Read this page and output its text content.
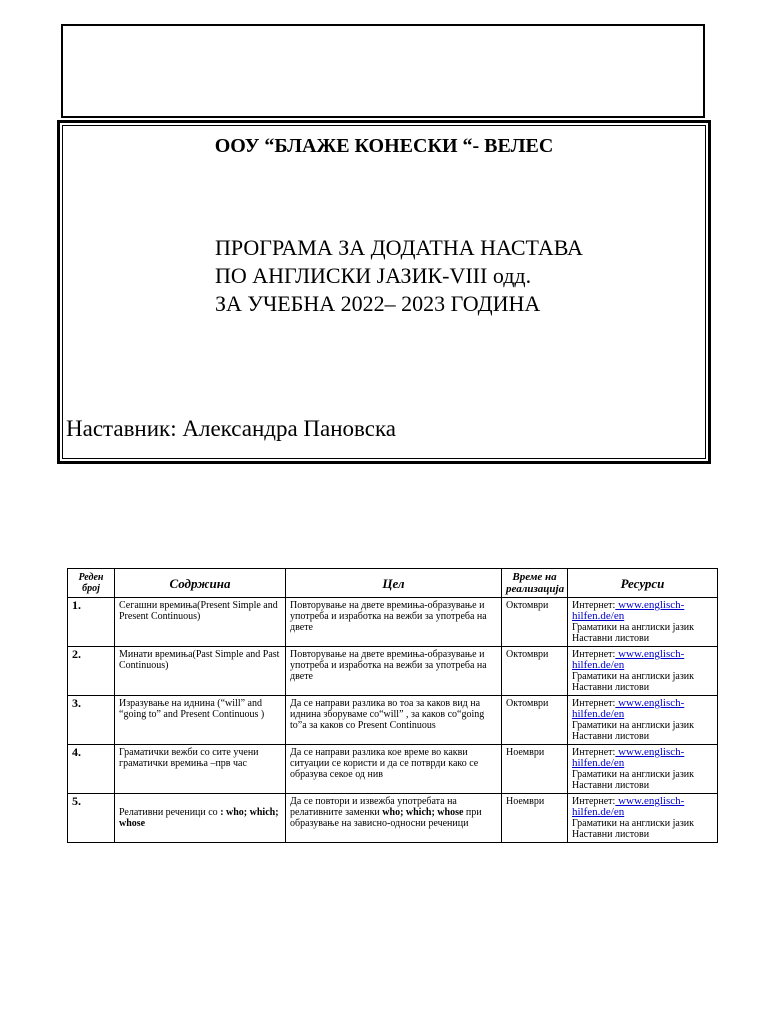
ООУ “БЛАЖЕ КОНЕСКИ “- ВЕЛЕС
ПРОГРАМА ЗА ДОДАТНА НАСТАВА
ПО АНГЛИСКИ ЈАЗИК-VIII одд.
ЗА УЧЕБНА 2022– 2023 ГОДИНА
Наставник: Александра Пановска
Реден број	Содржина	Цел	Време на реализација	Ресурси
1.	Сегашни времиња(Present Simple and Present Continuous)	Повторување на двете времиња-образување и употреба и изработка на вежби за употреба на двете	Октомври	Интернет: www.englisch-hilfen.de/en
Граматики на англиски јазик
Наставни листови

2.	Минати времиња(Past Simple and Past Continuous)	Повторување на двете времиња-образување и употреба и изработка на вежби за употреба на двете	Октомври	Интернет: www.englisch-hilfen.de/en
Граматики на англиски јазик
Наставни листови

3.	Изразување на иднина (“will” and “going to” and Present Continuous )	Да се направи разлика во тоа за каков вид на иднина зборуваме со“will” , за каков со“going to”а за каков со Present Continuous	Октомври	Интернет: www.englisch-hilfen.de/en
Граматики на англиски јазик
Наставни листови

4.	Граматички вежби со сите учени граматички времиња –прв час	Да се направи разлика кое време во какви ситуации се користи и да се потврди како се образува секое од нив	Ноември	Интернет: www.englisch-hilfen.de/en
Граматики на англиски јазик
Наставни листови

5.	Релативни реченици со : who; which; whose	Да се повтори и извежба употребата на релативните заменки who; which; whose при образување на зависно-односни реченици	Ноември	Интернет: www.englisch-hilfen.de/en
Граматики на англиски јазик
Наставни листови
